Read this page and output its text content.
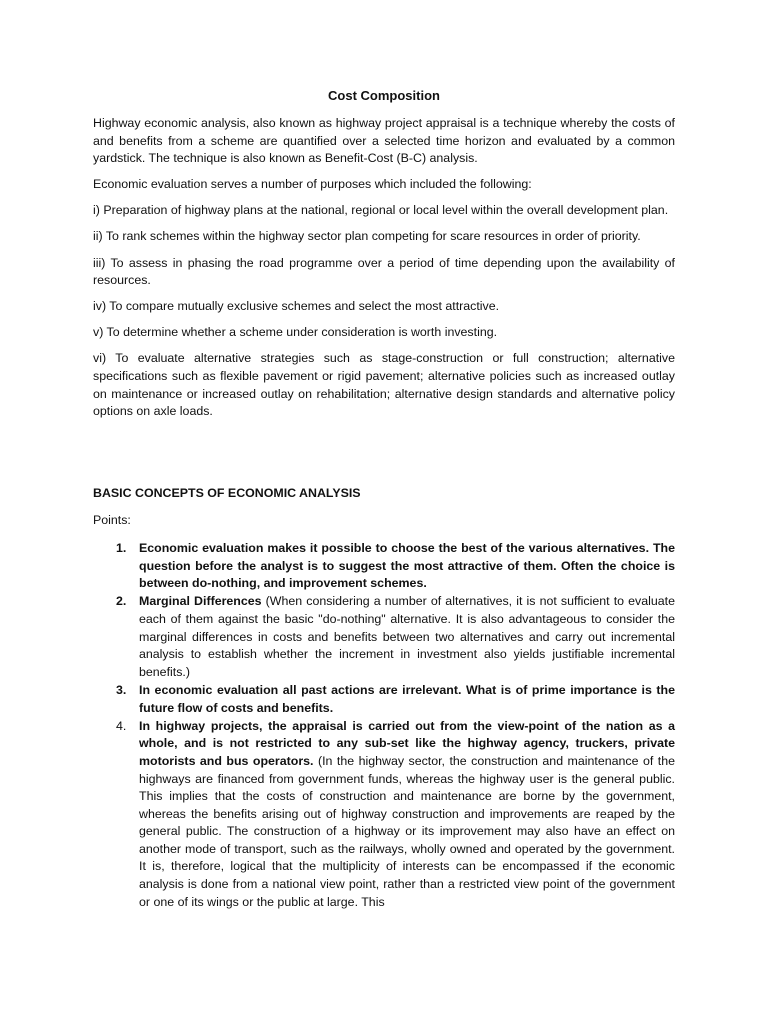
Cost Composition

Highway economic analysis, also known as highway project appraisal is a technique whereby the costs of and benefits from a scheme are quantified over a selected time horizon and evaluated by a common yardstick. The technique is also known as Benefit-Cost (B-C) analysis.

Economic evaluation serves a number of purposes which included the following:

i) Preparation of highway plans at the national, regional or local level within the overall development plan.

ii) To rank schemes within the highway sector plan competing for scare resources in order of priority.

iii) To assess in phasing the road programme over a period of time depending upon the availability of resources.

iv) To compare mutually exclusive schemes and select the most attractive.

v) To determine whether a scheme under consideration is worth investing.

vi) To evaluate alternative strategies such as stage-construction or full construction; alternative specifications such as flexible pavement or rigid pavement; alternative policies such as increased outlay on maintenance or increased outlay on rehabilitation; alternative design standards and alternative policy options on axle loads.

BASIC CONCEPTS OF ECONOMIC ANALYSIS
Points:
1. Economic evaluation makes it possible to choose the best of the various alternatives. The question before the analyst is to suggest the most attractive of them. Often the choice is between do-nothing, and improvement schemes.
2. Marginal Differences (When considering a number of alternatives, it is not sufficient to evaluate each of them against the basic "do-nothing" alternative. It is also advantageous to consider the marginal differences in costs and benefits between two alternatives and carry out incremental analysis to establish whether the increment in investment also yields justifiable incremental benefits.)
3. In economic evaluation all past actions are irrelevant. What is of prime importance is the future flow of costs and benefits.
4. In highway projects, the appraisal is carried out from the view-point of the nation as a whole, and is not restricted to any sub-set like the highway agency, truckers, private motorists and bus operators. (In the highway sector, the construction and maintenance of the highways are financed from government funds, whereas the highway user is the general public. This implies that the costs of construction and maintenance are borne by the government, whereas the benefits arising out of highway construction and improvements are reaped by the general public. The construction of a highway or its improvement may also have an effect on another mode of transport, such as the railways, wholly owned and operated by the government. It is, therefore, logical that the multiplicity of interests can be encompassed if the economic analysis is done from a national view point, rather than a restricted view point of the government or one of its wings or the public at large. This
